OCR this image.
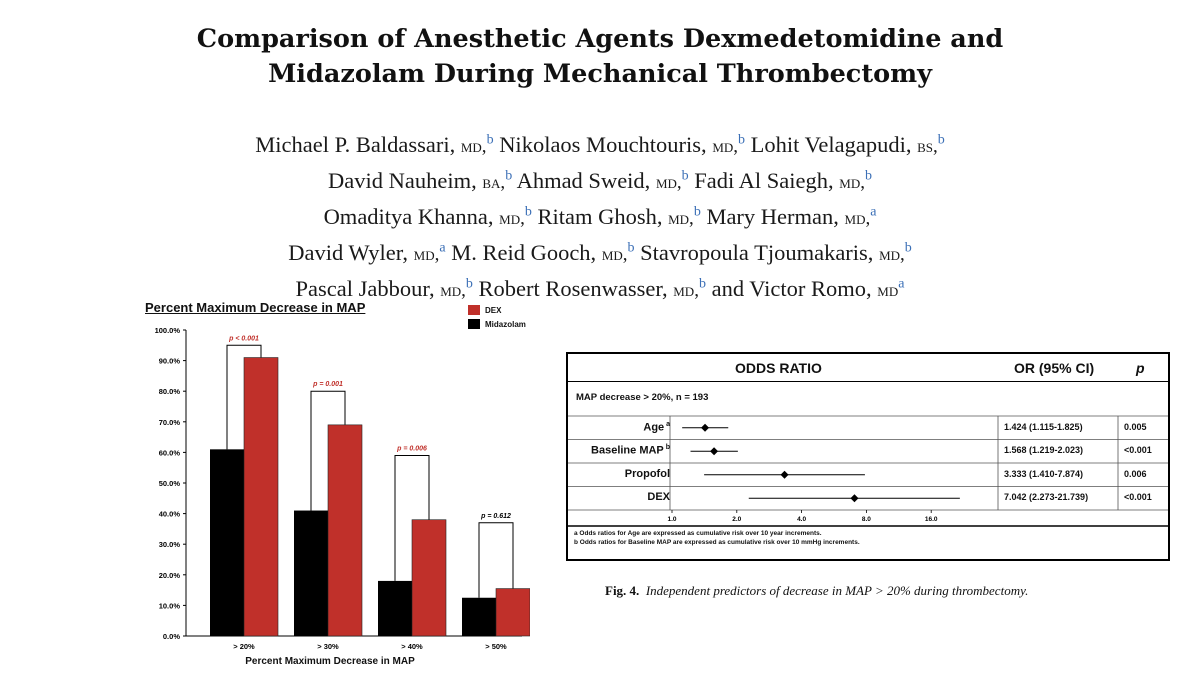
Comparison of Anesthetic Agents Dexmedetomidine and
Midazolam During Mechanical Thrombectomy
Michael P. Baldassari, md,$^b$ Nikolaos Mouchtouris, md,$^b$ Lohit Velagapudi, bs,$^b$
David Nauheim, ba,$^b$ Ahmad Sweid, md,$^b$ Fadi Al Saiegh, md,$^b$
Omaditya Khanna, md,$^b$ Ritam Ghosh, md,$^b$ Mary Herman, md,$^a$
David Wyler, md,$^a$ M. Reid Gooch, md,$^b$ Stavropoula Tjoumakaris, md,$^b$
Pascal Jabbour, md,$^b$ Robert Rosenwasser, md,$^b$ and Victor Romo, $md^a$
Percent Maximum Decrease in MAP	DEX
Midazolam
0.0%
10.0%
20.0%
30.0%
40.0%
50.0%
60.0%
70.0%
80.0%
90.0%
100.0%
p < 0.001
> 20%
p = 0.001
> 30%
p = 0.006
> 40%
p = 0.612
> 50%
Percent Maximum Decrease in MAP
1.0	2.0	4.0	8.0	16.0
ODDS RATIO	OR (95% CI)	p
MAP decrease > 20%, n = 193
Age $^a$	1.424 (1.115-1.825)	0.005
Baseline MAP $^b$	1.568 (1.219-2.023)	<0.001
Propofol	3.333 (1.410-7.874)	0.006
DEX	7.042 (2.273-21.739)	<0.001
a Odds ratios for Age are expressed as cumulative risk over 10 year increments.
b Odds ratios for Baseline MAP are expressed as cumulative risk over 10 mmHg increments.
Fig. 4. Independent predictors of decrease in MAP > 20% during thrombectomy.
